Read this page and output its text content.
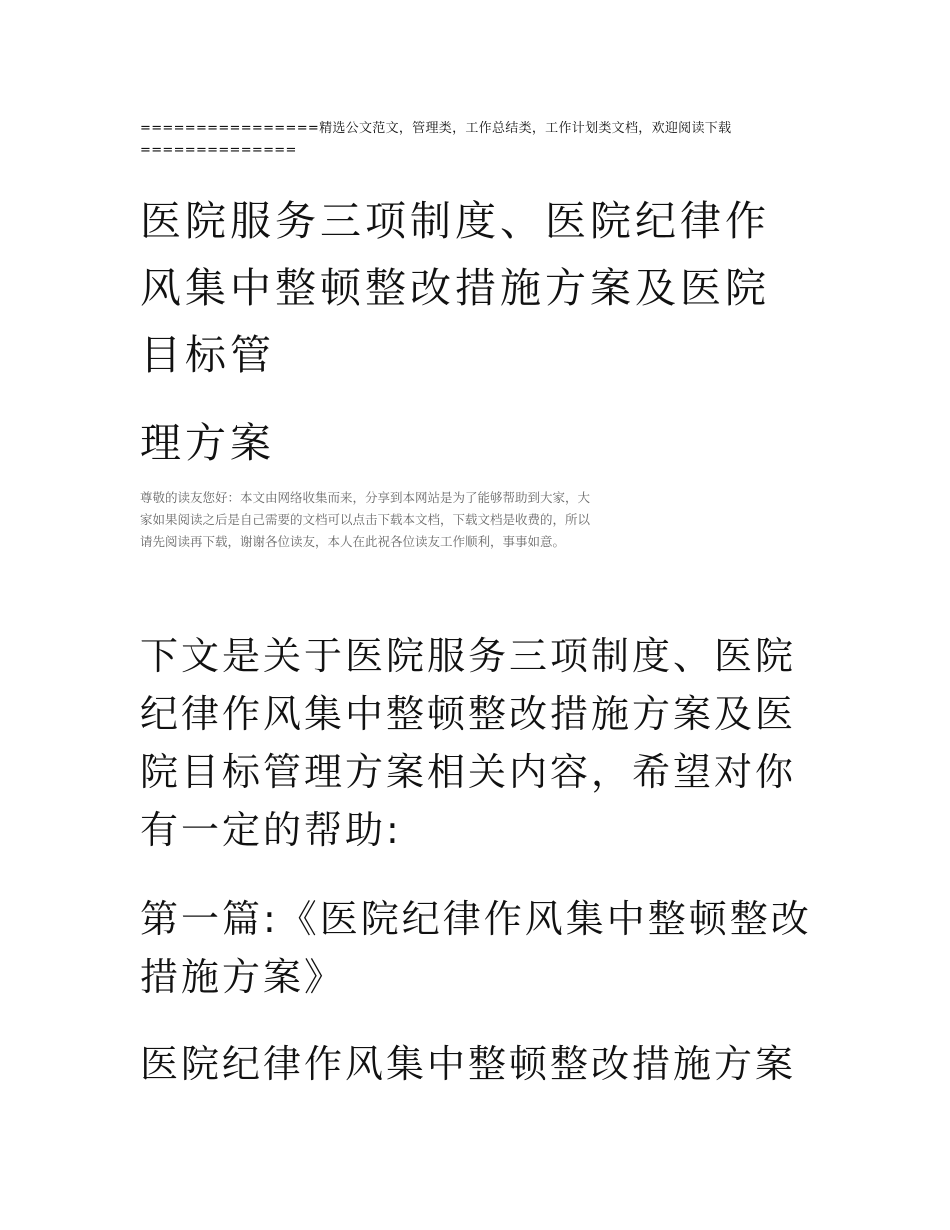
================精选公文范文，管理类，工作总结类，工作计划类文档，欢迎阅读下载==============

医院服务三项制度、医院纪律作风集中整顿整改措施方案及医院目标管
理方案

尊敬的读友您好：本文由网络收集而来，分享到本网站是为了能够帮助到大家，大家如果阅读之后是自己需要的文档可以点击下载本文档，下载文档是收费的，所以请先阅读再下载，谢谢各位读友，本人在此祝各位读友工作顺利，事事如意。

下文是关于医院服务三项制度、医院纪律作风集中整顿整改措施方案及医院目标管理方案相关内容，希望对你有一定的帮助:

第一篇:《医院纪律作风集中整顿整改措施方案》

医院纪律作风集中整顿整改措施方案
